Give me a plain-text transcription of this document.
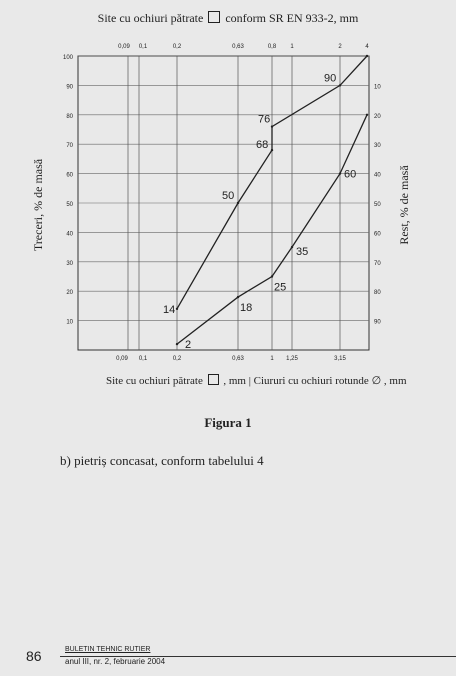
Site cu ochiuri pătrate conform SR EN 933-2, mm
100
90
80
70
60
50
40
30
20
10
10
20
30
40
50
60
70
80
90
0,09 0,1	0,2	0,63	0,8 1	2	4
0,09 0,1	0,2	0,63	1 1,25	3,15
Treceri, % de masă	Rest, % de masă
14
50
68
76
90
2
18
25
35
60
Site cu ochiuri pătrate , mm | Ciururi cu ochiuri rotunde ∅ , mm
Figura 1
b) pietriș concasat, conform tabelului 4
86	BULETIN TEHNIC RUTIER
anul III, nr. 2, februarie 2004
